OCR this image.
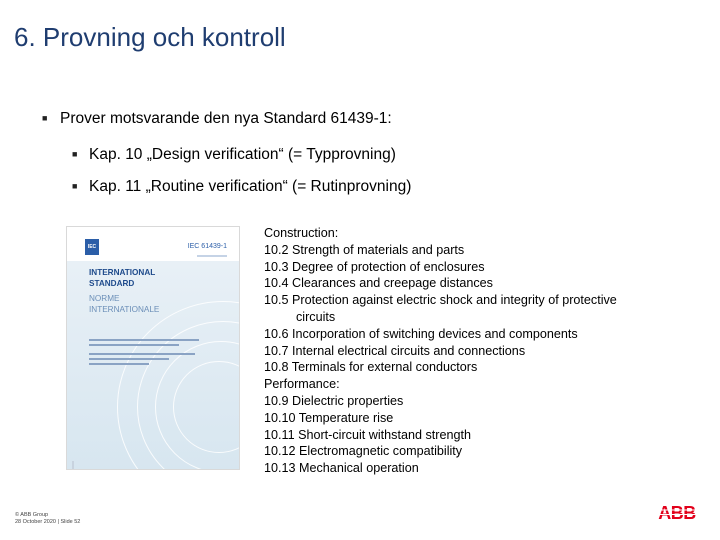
6. Provning och kontroll
■ Prover motsvarande den nya Standard 61439-1:
■ Kap. 10 „Design verification“ (= Typprovning)
■ Kap. 11 „Routine verification“ (= Rutinprovning)
IEC	IEC 61439-1
INTERNATIONAL
STANDARD
NORME
INTERNATIONALE
Construction:
10.2 Strength of materials and parts
10.3 Degree of protection of enclosures
10.4 Clearances and creepage distances
10.5 Protection against electric shock and integrity of protective
circuits
10.6 Incorporation of switching devices and components
10.7 Internal electrical circuits and connections
10.8 Terminals for external conductors
Performance:
10.9 Dielectric properties
10.10 Temperature rise
10.11 Short-circuit withstand strength
10.12 Electromagnetic compatibility
10.13 Mechanical operation
© ABB Group
28 October 2020 | Slide 52	ABB
